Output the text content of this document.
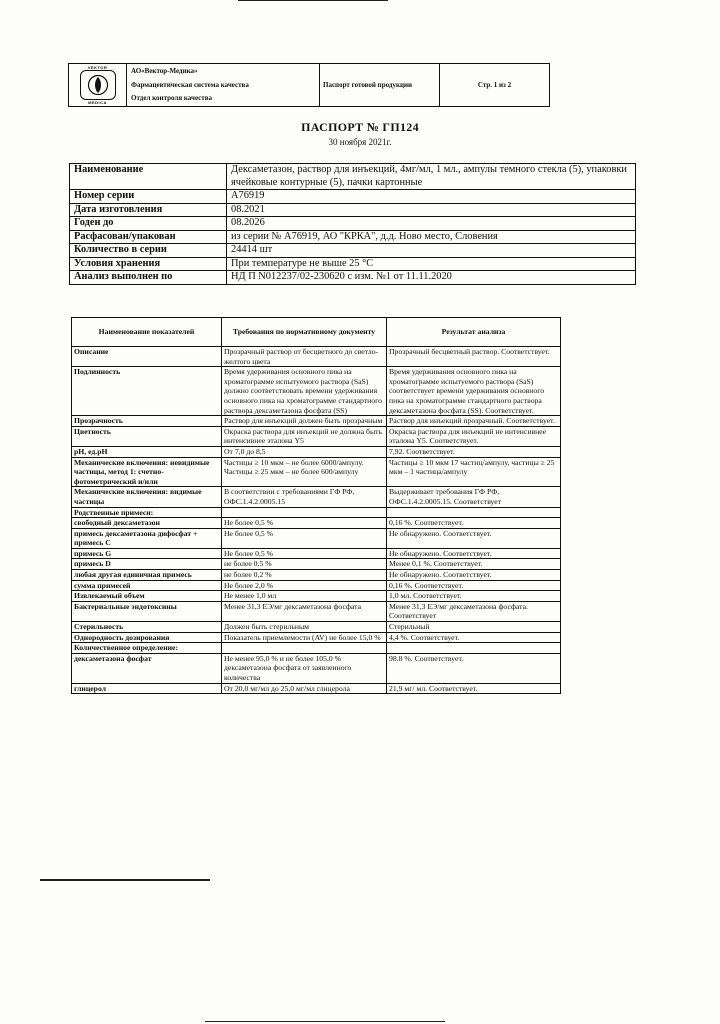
VEKTOR
MEDICA
АО«Вектор-Медика»
Фармацевтическая система качества
Отдел контроля качества
Паспорт готовой продукции	Стр. 1 из 2
ПАСПОРТ № ГП124
30 ноября 2021г.
Наименование	Дексаметазон, раствор для инъекций, 4мг/мл, 1 мл., ампулы темного стекла (5), упаковки ячейковые контурные (5), пачки картонные
Номер серии	A76919
Дата изготовления	08.2021
Годен до	08.2026
Расфасован/упакован	из серии № A76919, АО "КРКА", д.д. Ново место, Словения
Количество в серии	24414 шт
Условия хранения	При температуре не выше 25 °С
Анализ выполнен по	НД П N012237/02-230620 с изм. №1 от 11.11.2020
Наименование показателей	Требования по нормативному документу	Результат анализа
Описание	Прозрачный раствор от бесцветного до светло-желтого цвета	Прозрачный бесцветный раствор. Соответствует.
Подлинность	Время удерживания основного пика на хроматограмме испытуемого раствора (SaS) должно соответствовать времени удерживания основного пика на хроматограмме стандартного раствора дексаметазона фосфата (SS)	Время удерживания основного пика на хроматограмме испытуемого раствора (SaS) соответствует времени удерживания основного пика на хроматограмме стандартного раствора дексаметазона фосфата (SS). Соответствует.
Прозрачность	Раствор для инъекций должен быть прозрачным	Раствор для инъекций прозрачный. Соответствует.
Цветность	Окраска раствора для инъекций не должна быть интенсивнее эталона Y5	Окраска раствора для инъекций не интенсивнее эталона Y5. Соответствует.
pH, ед.pH	От 7,0 до 8,5	7,92. Соответствует.
Механические включения: невидимые частицы, метод 1: счетно-фотометрический и/или	Частицы ≥ 10 мкм – не более 6000/ампулу. Частицы ≥ 25 мкм – не более 600/ампулу	Частицы ≥ 10 мкм 17 частиц/ампулу, частицы ≥ 25 мкм – 1 частица/ампулу
Механические включения: видимые частицы	В соответствии с требованиями ГФ РФ, ОФС.1.4.2.0005.15	Выдерживает требования ГФ РФ, ОФС.1.4.2.0005.15. Соответствует
Родственные примеси:		
свободный дексаметазон	Не более 0,5 %	0,16 %. Соответствует.
примесь дексаметазона дифосфат + примесь С	Не более 0,5 %	Не обнаружено. Соответствует.
примесь G	Не более 0,5 %	Не обнаружено. Соответствует.
примесь D	не более 0,5 %	Менее 0,1 %. Соответствует.
любая другая единичная примесь	не более 0,2 %	Не обнаружено. Соответствует.
сумма примесей	Не более 2,0 %	0,16 %. Соответствует.
Извлекаемый объем	Не менее 1,0 мл	1,0 мл. Соответствует.
Бактериальные эндотоксины	Менее 31,3 ЕЭ/мг дексаметазона фосфата	Менее 31,3 ЕЭ/мг дексаметазона фосфата. Соответствует
Стерильность	Должен быть стерильным	Стерильный
Однородность дозирования	Показатель приемлемости (AV) не более 15,0 %	4,4 %. Соответствует.
Количественное определение:		
дексаметазона фосфат	Не менее 95,0 % и не более 105,0 % дексаметазона фосфата от заявленного количества	98.8 %. Соответствует.
глицерол	От 20,0 мг/мл до 25,0 мг/мл глицерола	21,9 мг/ мл. Соответствует.
